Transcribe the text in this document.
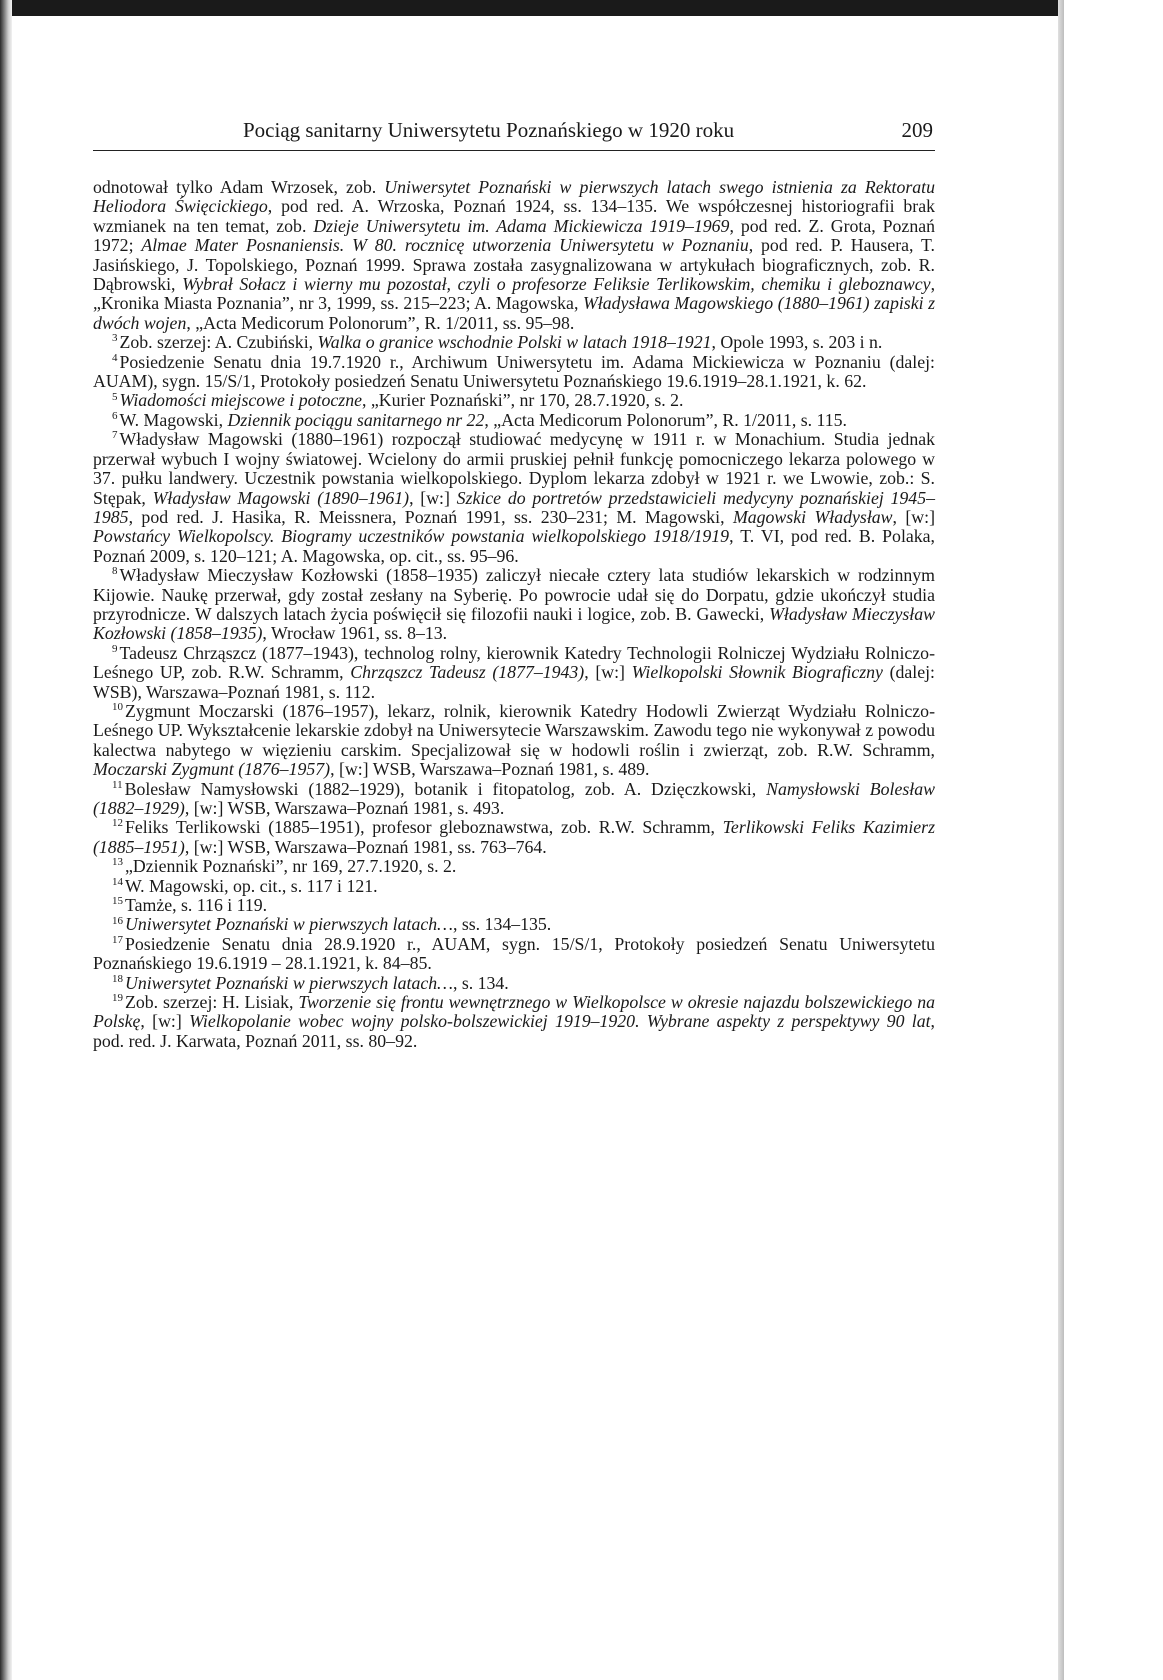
Pociąg sanitarny Uniwersytetu Poznańskiego w 1920 roku	209

odnotował tylko Adam Wrzosek, zob. Uniwersytet Poznański w pierwszych latach swego istnienia za Rektoratu Heliodora Święcickiego, pod red. A. Wrzoska, Poznań 1924, ss. 134–135. We współczesnej historiografii brak wzmianek na ten temat, zob. Dzieje Uniwersytetu im. Adama Mickiewicza 1919–1969, pod red. Z. Grota, Poznań 1972; Almae Mater Posnaniensis. W 80. rocznicę utworzenia Uniwersytetu w Poznaniu, pod red. P. Hausera, T. Jasińskiego, J. Topolskiego, Poznań 1999. Sprawa została zasygnalizowana w artykułach biograficznych, zob. R. Dąbrowski, Wybrał Sołacz i wierny mu pozostał, czyli o profesorze Feliksie Terlikowskim, chemiku i gleboznawcy, „Kronika Miasta Poznania”, nr 3, 1999, ss. 215–223; A. Magowska, Władysława Magowskiego (1880–1961) zapiski z dwóch wojen, „Acta Medicorum Polonorum”, R. 1/2011, ss. 95–98.

$^3$ Zob. szerzej: A. Czubiński, Walka o granice wschodnie Polski w latach 1918–1921, Opole 1993, s. 203 i n.

$^4$ Posiedzenie Senatu dnia 19.7.1920 r., Archiwum Uniwersytetu im. Adama Mickiewicza w Poznaniu (dalej: AUAM), sygn. 15/S/1, Protokoły posiedzeń Senatu Uniwersytetu Poznańskiego 19.6.1919–28.1.1921, k. 62.

$^5$ Wiadomości miejscowe i potoczne, „Kurier Poznański”, nr 170, 28.7.1920, s. 2.

$^6$ W. Magowski, Dziennik pociągu sanitarnego nr 22, „Acta Medicorum Polonorum”, R. 1/2011, s. 115.

$^7$ Władysław Magowski (1880–1961) rozpoczął studiować medycynę w 1911 r. w Monachium. Studia jednak przerwał wybuch I wojny światowej. Wcielony do armii pruskiej pełnił funkcję pomocniczego lekarza polowego w 37. pułku landwery. Uczestnik powstania wielkopolskiego. Dyplom lekarza zdobył w 1921 r. we Lwowie, zob.: S. Stępak, Władysław Magowski (1890–1961), [w:] Szkice do portretów przedstawicieli medycyny poznańskiej 1945–1985, pod red. J. Hasika, R. Meissnera, Poznań 1991, ss. 230–231; M. Magowski, Magowski Władysław, [w:] Powstańcy Wielkopolscy. Biogramy uczestników powstania wielkopolskiego 1918/1919, T. VI, pod red. B. Polaka, Poznań 2009, s. 120–121; A. Magowska, op. cit., ss. 95–96.

$^8$ Władysław Mieczysław Kozłowski (1858–1935) zaliczył niecałe cztery lata studiów lekarskich w rodzinnym Kijowie. Naukę przerwał, gdy został zesłany na Syberię. Po powrocie udał się do Dorpatu, gdzie ukończył studia przyrodnicze. W dalszych latach życia poświęcił się filozofii nauki i logice, zob. B. Gawecki, Władysław Mieczysław Kozłowski (1858–1935), Wrocław 1961, ss. 8–13.

$^9$ Tadeusz Chrząszcz (1877–1943), technolog rolny, kierownik Katedry Technologii Rolniczej Wydziału Rolniczo-Leśnego UP, zob. R.W. Schramm, Chrząszcz Tadeusz (1877–1943), [w:] Wielkopolski Słownik Biograficzny (dalej: WSB), Warszawa–Poznań 1981, s. 112.

$^{10}$ Zygmunt Moczarski (1876–1957), lekarz, rolnik, kierownik Katedry Hodowli Zwierząt Wydziału Rolniczo-Leśnego UP. Wykształcenie lekarskie zdobył na Uniwersytecie Warszawskim. Zawodu tego nie wykonywał z powodu kalectwa nabytego w więzieniu carskim. Specjalizował się w hodowli roślin i zwierząt, zob. R.W. Schramm, Moczarski Zygmunt (1876–1957), [w:] WSB, Warszawa–Poznań 1981, s. 489.

$^{11}$ Bolesław Namysłowski (1882–1929), botanik i fitopatolog, zob. A. Dzięczkowski, Namysłowski Bolesław (1882–1929), [w:] WSB, Warszawa–Poznań 1981, s. 493.

$^{12}$ Feliks Terlikowski (1885–1951), profesor gleboznawstwa, zob. R.W. Schramm, Terlikowski Feliks Kazimierz (1885–1951), [w:] WSB, Warszawa–Poznań 1981, ss. 763–764.

$^{13}$ „Dziennik Poznański”, nr 169, 27.7.1920, s. 2.

$^{14}$ W. Magowski, op. cit., s. 117 i 121.

$^{15}$ Tamże, s. 116 i 119.

$^{16}$ Uniwersytet Poznański w pierwszych latach…, ss. 134–135.

$^{17}$ Posiedzenie Senatu dnia 28.9.1920 r., AUAM, sygn. 15/S/1, Protokoły posiedzeń Senatu Uniwersytetu Poznańskiego 19.6.1919 – 28.1.1921, k. 84–85.

$^{18}$ Uniwersytet Poznański w pierwszych latach…, s. 134.

$^{19}$ Zob. szerzej: H. Lisiak, Tworzenie się frontu wewnętrznego w Wielkopolsce w okresie najazdu bolszewickiego na Polskę, [w:] Wielkopolanie wobec wojny polsko-bolszewickiej 1919–1920. Wybrane aspekty z perspektywy 90 lat, pod. red. J. Karwata, Poznań 2011, ss. 80–92.
